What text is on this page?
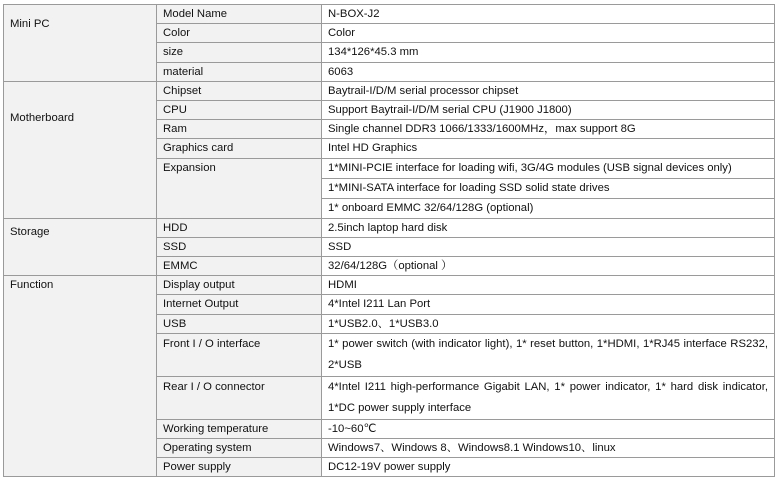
Mini PC	Model Name	N-BOX-J2
	Color	Color
	size	134*126*45.3 mm
	material	6063
Motherboard	Chipset	Baytrail-I/D/M serial processor chipset
	CPU	Support Baytrail-I/D/M serial CPU (J1900 J1800)
	Ram	Single channel DDR3 1066/1333/1600MHz，max support 8G
	Graphics card	Intel HD Graphics
	Expansion	1*MINI-PCIE interface for loading wifi, 3G/4G modules (USB signal devices only)
		1*MINI-SATA interface for loading SSD solid state drives
		1* onboard EMMC 32/64/128G (optional)
Storage	HDD	2.5inch laptop hard disk
	SSD	SSD
	EMMC	32/64/128G（optional ）
Function	Display output	HDMI
	Internet Output	4*Intel I211 Lan Port
	USB	1*USB2.0、1*USB3.0
	Front I / O interface	1* power switch (with indicator light), 1* reset button, 1*HDMI, 1*RJ45 interface RS232, 2*USB
	Rear I / O connector	4*Intel I211 high-performance Gigabit LAN, 1* power indicator, 1* hard disk indicator, 1*DC power supply interface
	Working temperature	-10~60℃
	Operating system	Windows7、Windows 8、Windows8.1 Windows10、linux
	Power supply	DC12-19V power supply
